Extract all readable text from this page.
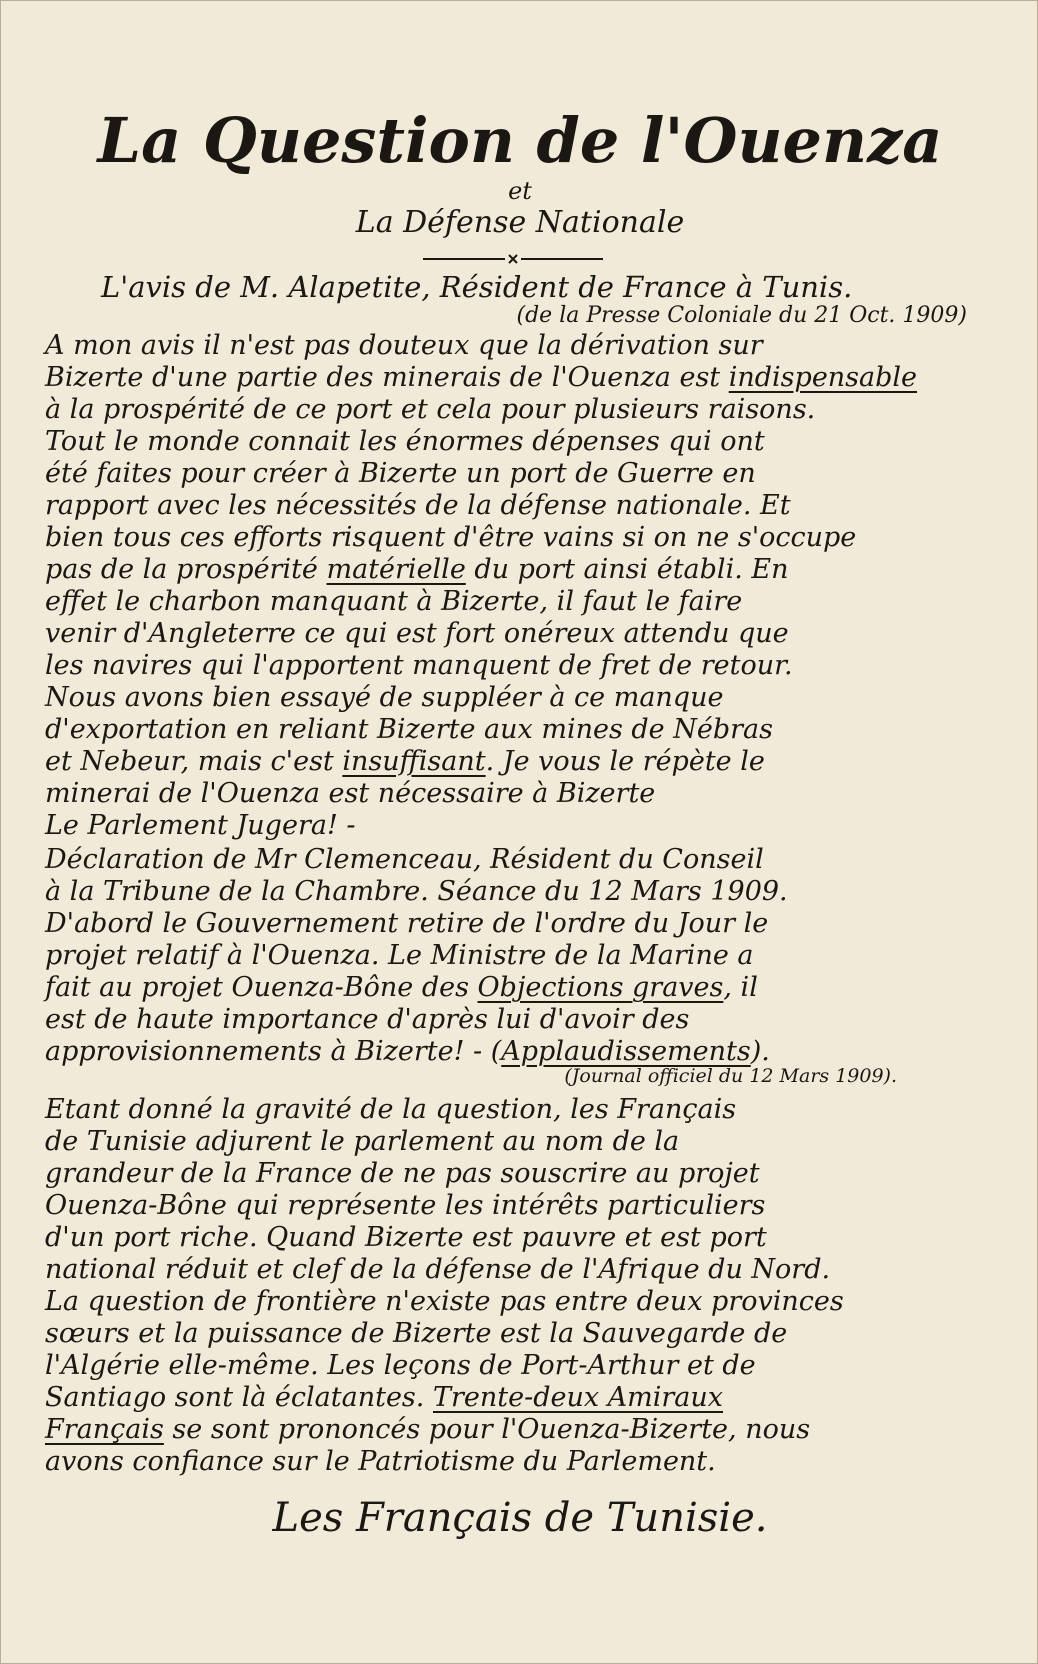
La Question de l'Ouenza
et
La Défense Nationale
L'avis de M. Alapetite, Résident de France à Tunis.
(de la Presse Coloniale du 21 Oct. 1909)
A mon avis il n'est pas douteux que la dérivation sur
Bizerte d'une partie des minerais de l'Ouenza est indispensable
à la prospérité de ce port et cela pour plusieurs raisons.
Tout le monde connait les énormes dépenses qui ont
été faites pour créer à Bizerte un port de Guerre en
rapport avec les nécessités de la défense nationale. Et
bien tous ces efforts risquent d'être vains si on ne s'occupe
pas de la prospérité matérielle du port ainsi établi. En
effet le charbon manquant à Bizerte, il faut le faire
venir d'Angleterre ce qui est fort onéreux attendu que
les navires qui l'apportent manquent de fret de retour.
Nous avons bien essayé de suppléer à ce manque
d'exportation en reliant Bizerte aux mines de Nébras
et Nebeur, mais c'est insuffisant. Je vous le répète le
minerai de l'Ouenza est nécessaire à Bizerte
Le Parlement Jugera! -
Déclaration de Mr Clemenceau, Résident du Conseil
à la Tribune de la Chambre. Séance du 12 Mars 1909.
D'abord le Gouvernement retire de l'ordre du Jour le
projet relatif à l'Ouenza. Le Ministre de la Marine a
fait au projet Ouenza-Bône des Objections graves, il
est de haute importance d'après lui d'avoir des
approvisionnements à Bizerte! - (Applaudissements).
(Journal officiel du 12 Mars 1909).
Etant donné la gravité de la question, les Français
de Tunisie adjurent le parlement au nom de la
grandeur de la France de ne pas souscrire au projet
Ouenza-Bône qui représente les intérêts particuliers
d'un port riche. Quand Bizerte est pauvre et est port
national réduit et clef de la défense de l'Afrique du Nord.
La question de frontière n'existe pas entre deux provinces
sœurs et la puissance de Bizerte est la Sauvegarde de
l'Algérie elle-même. Les leçons de Port-Arthur et de
Santiago sont là éclatantes. Trente-deux Amiraux
Français se sont prononcés pour l'Ouenza-Bizerte, nous
avons confiance sur le Patriotisme du Parlement.
Les Français de Tunisie.
